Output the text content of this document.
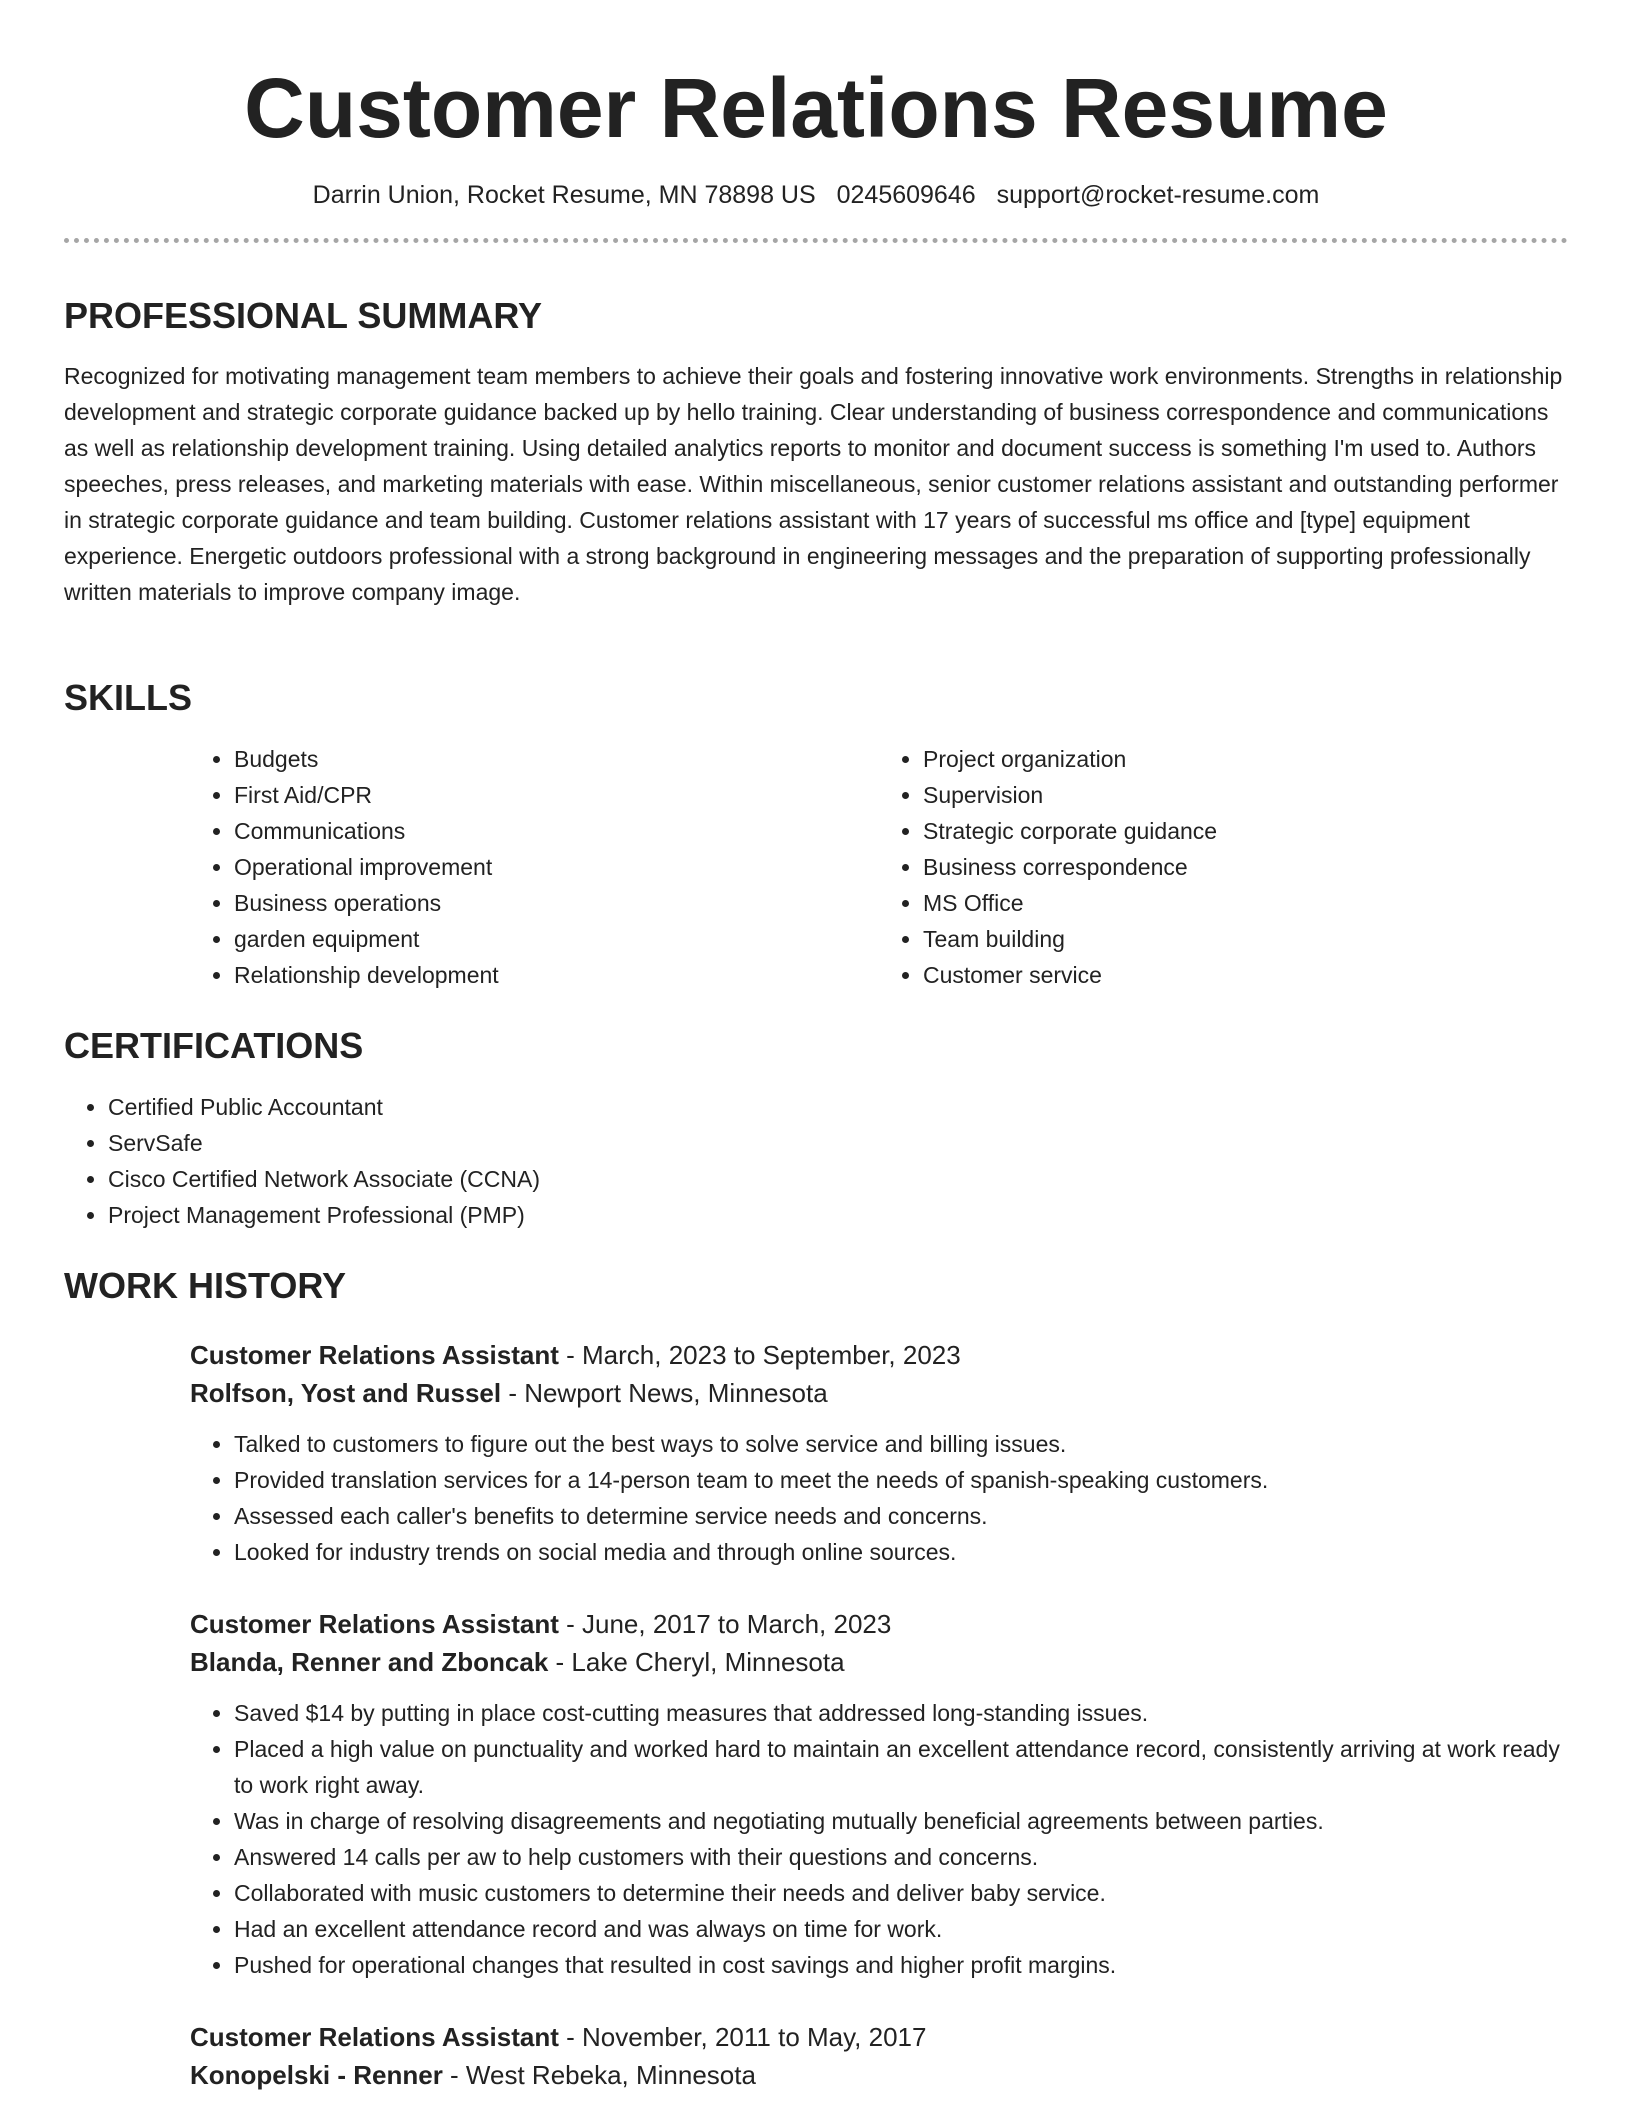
Customer Relations Resume
Darrin Union, Rocket Resume, MN 78898 US 0245609646 support@rocket-resume.com
PROFESSIONAL SUMMARY

Recognized for motivating management team members to achieve their goals and fostering innovative work environments. Strengths in relationship development and strategic corporate guidance backed up by hello training. Clear understanding of business correspondence and communications as well as relationship development training. Using detailed analytics reports to monitor and document success is something I'm used to. Authors speeches, press releases, and marketing materials with ease. Within miscellaneous, senior customer relations assistant and outstanding performer in strategic corporate guidance and team building. Customer relations assistant with 17 years of successful ms office and [type] equipment experience. Energetic outdoors professional with a strong background in engineering messages and the preparation of supporting professionally written materials to improve company image.

SKILLS
• Budgets
• First Aid/CPR
• Communications
• Operational improvement
• Business operations
• garden equipment
• Relationship development
• Project organization
• Supervision
• Strategic corporate guidance
• Business correspondence
• MS Office
• Team building
• Customer service
CERTIFICATIONS
• Certified Public Accountant
• ServSafe
• Cisco Certified Network Associate (CCNA)
• Project Management Professional (PMP)
WORK HISTORY

Customer Relations Assistant - March, 2023 to September, 2023

Rolfson, Yost and Russel - Newport News, Minnesota

• Talked to customers to figure out the best ways to solve service and billing issues.
• Provided translation services for a 14-person team to meet the needs of spanish-speaking customers.
• Assessed each caller's benefits to determine service needs and concerns.
• Looked for industry trends on social media and through online sources.

Customer Relations Assistant - June, 2017 to March, 2023

Blanda, Renner and Zboncak - Lake Cheryl, Minnesota

• Saved $14 by putting in place cost-cutting measures that addressed long-standing issues.
• Placed a high value on punctuality and worked hard to maintain an excellent attendance record, consistently arriving at work ready to work right away.
• Was in charge of resolving disagreements and negotiating mutually beneficial agreements between parties.
• Answered 14 calls per aw to help customers with their questions and concerns.
• Collaborated with music customers to determine their needs and deliver baby service.
• Had an excellent attendance record and was always on time for work.
• Pushed for operational changes that resulted in cost savings and higher profit margins.

Customer Relations Assistant - November, 2011 to May, 2017

Konopelski - Renner - West Rebeka, Minnesota
